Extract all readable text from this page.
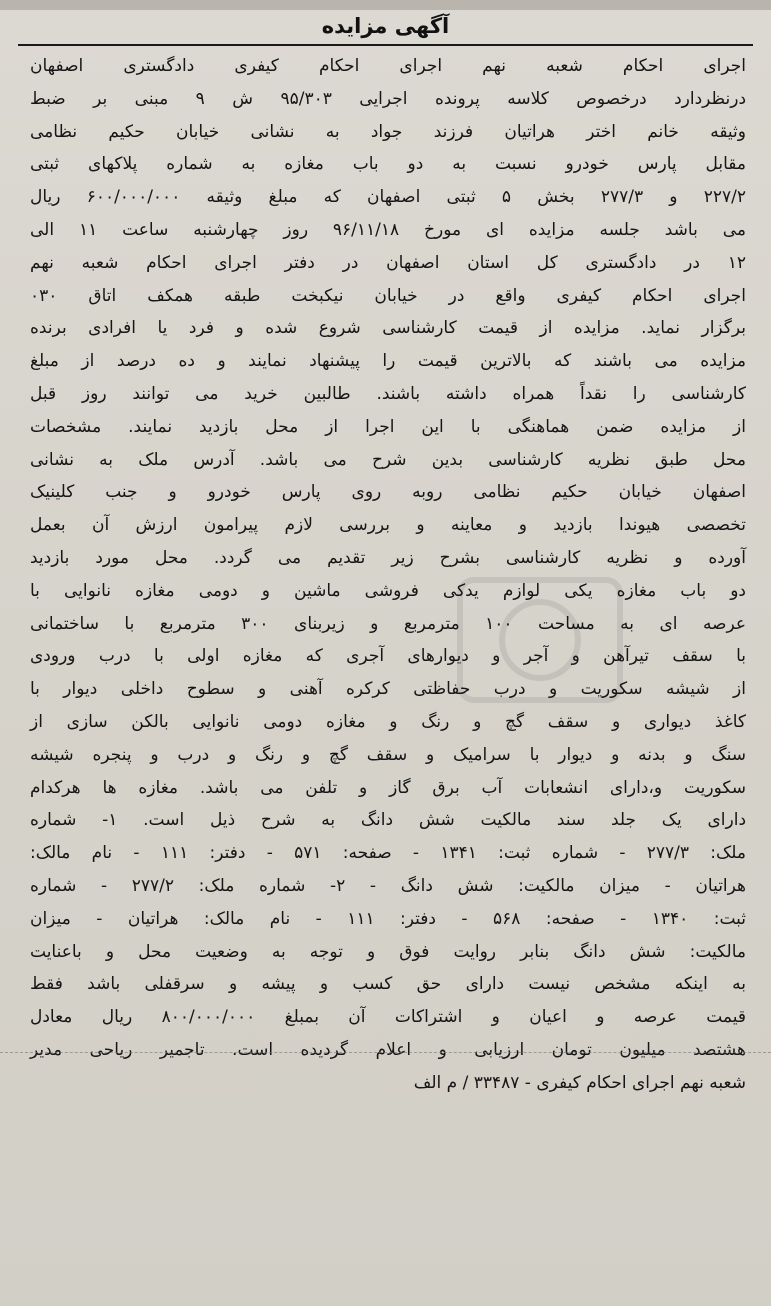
آگهی مزایده
اجرای احکام شعبه نهم اجرای احکام کیفری دادگستری اصفهان
درنظردارد درخصوص کلاسه پرونده اجرایی ۹۵/۳۰۳ ش ۹ مبنی بر ضبط
وثیقه خانم اختر هراتیان فرزند جواد به نشانی خیابان حکیم نظامی
مقابل پارس خودرو نسبت به دو باب مغازه به شماره پلاکهای ثبتی
۲۲۷/۲ و ۲۷۷/۳ بخش ۵ ثبتی اصفهان که مبلغ وثیقه ۶۰۰/۰۰۰/۰۰۰ ریال
می باشد جلسه مزایده ای مورخ ۹۶/۱۱/۱۸ روز چهارشنبه ساعت ۱۱ الی
۱۲ در دادگستری کل استان اصفهان در دفتر اجرای احکام شعبه نهم
اجرای احکام کیفری واقع در خیابان نیکبخت طبقه همکف اتاق ۰۳۰
برگزار نماید. مزایده از قیمت کارشناسی شروع شده و فرد یا افرادی برنده
مزایده می باشند که بالاترین قیمت را پیشنهاد نمایند و ده درصد از مبلغ
کارشناسی را نقداً همراه داشته باشند. طالبین خرید می توانند روز قبل
از مزایده ضمن هماهنگی با این اجرا از محل بازدید نمایند. مشخصات
محل طبق نظریه کارشناسی بدین شرح می باشد. آدرس ملک به نشانی
اصفهان خیابان حکیم نظامی روبه روی پارس خودرو و جنب کلینیک
تخصصی هیوندا بازدید و معاینه و بررسی لازم پیرامون ارزش آن بعمل
آورده و نظریه کارشناسی بشرح زیر تقدیم می گردد. محل مورد بازدید
دو باب مغازه یکی لوازم یدکی فروشی ماشین و دومی مغازه نانوایی با
عرصه ای به مساحت ۱۰۰ مترمربع و زیربنای ۳۰۰ مترمربع با ساختمانی
با سقف تیرآهن و آجر و دیوارهای آجری که مغازه اولی با درب ورودی
از شیشه سکوریت و درب حفاظتی کرکره آهنی و سطوح داخلی دیوار با
کاغذ دیواری و سقف گچ و رنگ و مغازه دومی نانوایی بالکن سازی از
سنگ و بدنه و دیوار با سرامیک و سقف گچ و رنگ و درب و پنجره شیشه
سکوریت و،دارای انشعابات آب برق گاز و تلفن می باشد. مغازه ها هرکدام
دارای یک جلد سند مالکیت شش دانگ به شرح ذیل است. ۱- شماره
ملک: ۲۷۷/۳ - شماره ثبت: ۱۳۴۱ - صفحه: ۵۷۱ - دفتر: ۱۱۱ - نام مالک:
هراتیان - میزان مالکیت: شش دانگ - ۲- شماره ملک: ۲۷۷/۲ - شماره
ثبت: ۱۳۴۰ - صفحه: ۵۶۸ - دفتر: ۱۱۱ - نام مالک: هراتیان - میزان
مالکیت: شش دانگ بنابر روایت فوق و توجه به وضعیت محل و باعنایت
به اینکه مشخص نیست دارای حق کسب و پیشه و سرقفلی باشد فقط
قیمت عرصه و اعیان و اشتراکات آن بمبلغ ۸۰۰/۰۰۰/۰۰۰ ریال معادل
هشتصد میلیون تومان ارزیابی و اعلام گردیده است. تاجمیر ریاحی مدیر
شعبه نهم اجرای احکام کیفری - ۳۳۴۸۷ / م الف
